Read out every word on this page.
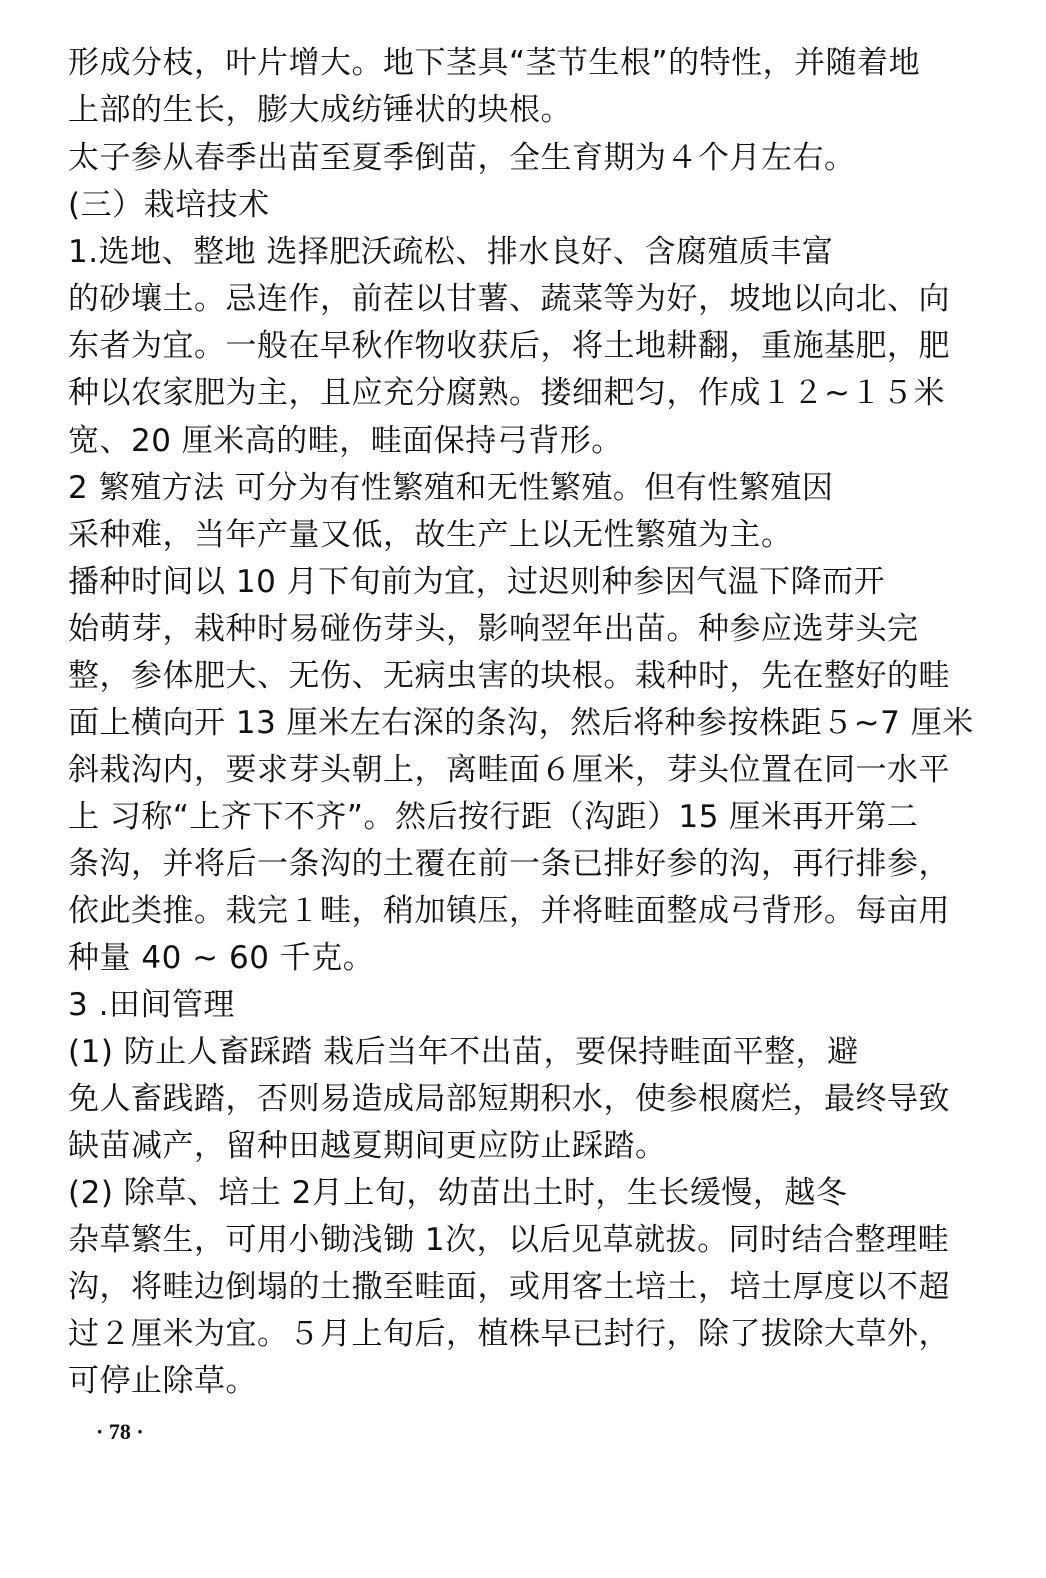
形成分枝，叶片增大。地下茎具“茎节生根”的特性，并随着地
上部的生长，膨大成纺锤状的块根。
太子参从春季出苗至夏季倒苗，全生育期为４个月左右。
(三）栽培技术
1.选地、整地 选择肥沃疏松、排水良好、含腐殖质丰富
的砂壤土。忌连作，前茬以甘薯、蔬菜等为好，坡地以向北、向
东者为宜。一般在早秋作物收获后，将土地耕翻，重施基肥，肥
种以农家肥为主，且应充分腐熟。搂细耙匀，作成１２~１５米
宽、20 厘米高的畦，畦面保持弓背形。
2 繁殖方法 可分为有性繁殖和无性繁殖。但有性繁殖因
采种难，当年产量又低，故生产上以无性繁殖为主。
播种时间以 10 月下旬前为宜，过迟则种参因气温下降而开
始萌芽，栽种时易碰伤芽头，影响翌年出苗。种参应选芽头完
整，参体肥大、无伤、无病虫害的块根。栽种时，先在整好的畦
面上横向开 13 厘米左右深的条沟，然后将种参按株距５~7 厘米
斜栽沟内，要求芽头朝上，离畦面６厘米，芽头位置在同一水平
上 习称“上齐下不齐”。然后按行距（沟距）15 厘米再开第二
条沟，并将后一条沟的土覆在前一条已排好参的沟，再行排参，
依此类推。栽完１畦，稍加镇压，并将畦面整成弓背形。每亩用
种量 40 ~ 60 千克。
3 .田间管理
(1) 防止人畜踩踏 栽后当年不出苗，要保持畦面平整，避
免人畜践踏，否则易造成局部短期积水，使参根腐烂，最终导致
缺苗减产，留种田越夏期间更应防止踩踏。
(2) 除草、培土 2月上旬，幼苗出土时，生长缓慢，越冬
杂草繁生，可用小锄浅锄 1次，以后见草就拔。同时结合整理畦
沟，将畦边倒塌的土撒至畦面，或用客土培土，培土厚度以不超
过２厘米为宜。５月上旬后，植株早已封行，除了拔除大草外，
可停止除草。
· 78 ·
